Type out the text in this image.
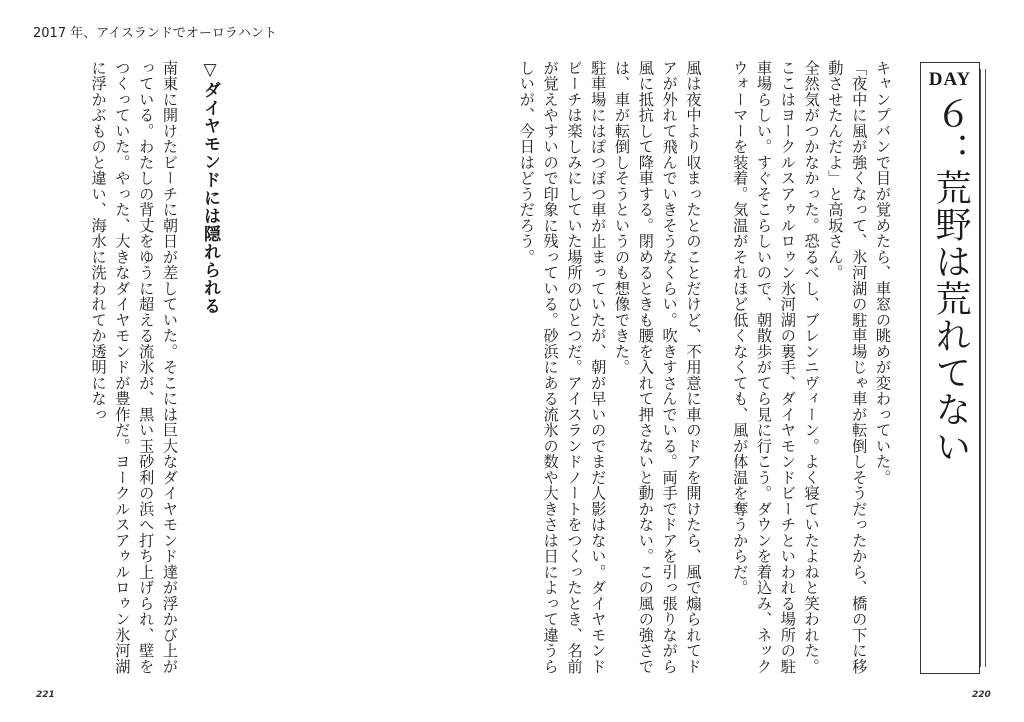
2017 年、アイスランドでオーロラハント
DAY
６：荒野は荒れてない

キャンプバンで目が覚めたら、車窓の眺めが変わっていた。

「夜中に風が強くなって、氷河湖の駐車場じゃ車が転倒しそうだったから、橋の下に移動させたんだよ」と高坂さん。

全然気がつかなかった。恐るべし、ブレンニヴィーン。よく寝ていたよねと笑われた。ここはヨークルスアゥルロゥン氷河湖の裏手、ダイヤモンドビーチといわれる場所の駐車場らしい。すぐそこらしいので、朝散歩がてら見に行こう。ダウンを着込み、ネックウォーマーを装着。気温がそれほど低くなくても、風が体温を奪うからだ。

風は夜中より収まったとのことだけど、不用意に車のドアを開けたら、風で煽られてドアが外れて飛んでいきそうなくらい。吹きすさんでいる。両手でドアを引っ張りながら風に抵抗して降車する。閉めるときも腰を入れて押さないと動かない。この風の強さでは、車が転倒しそうというのも想像できた。

駐車場にはぽつぽつ車が止まっていたが、朝が早いのでまだ人影はない。ダイヤモンドビーチは楽しみにしていた場所のひとつだ。アイスランドノートをつくったとき、名前が覚えやすいので印象に残っている。砂浜にある流氷の数や大きさは日によって違うらしいが、今日はどうだろう。

▽ダイヤモンドには隠れられる

南東に開けたビーチに朝日が差していた。そこには巨大なダイヤモンド達が浮かび上がっている。わたしの背丈をゆうに超える流氷が、黒い玉砂利の浜へ打ち上げられ、壁をつくっていた。やった、大きなダイヤモンドが豊作だ。ヨークルスアゥルロゥン氷河湖に浮かぶものと違い、海水に洗われてか透明になっ

221	220
